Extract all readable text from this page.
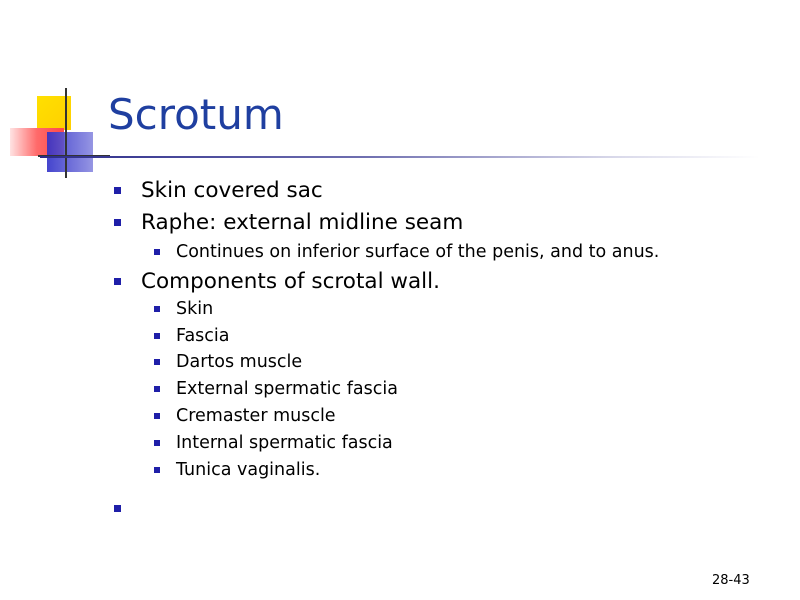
Scrotum
Skin covered sac
Raphe: external midline seam
Continues on inferior surface of the penis, and to anus.
Components of scrotal wall.
Skin
Fascia
Dartos muscle
External spermatic fascia
Cremaster muscle
Internal spermatic fascia
Tunica vaginalis.
28-43
